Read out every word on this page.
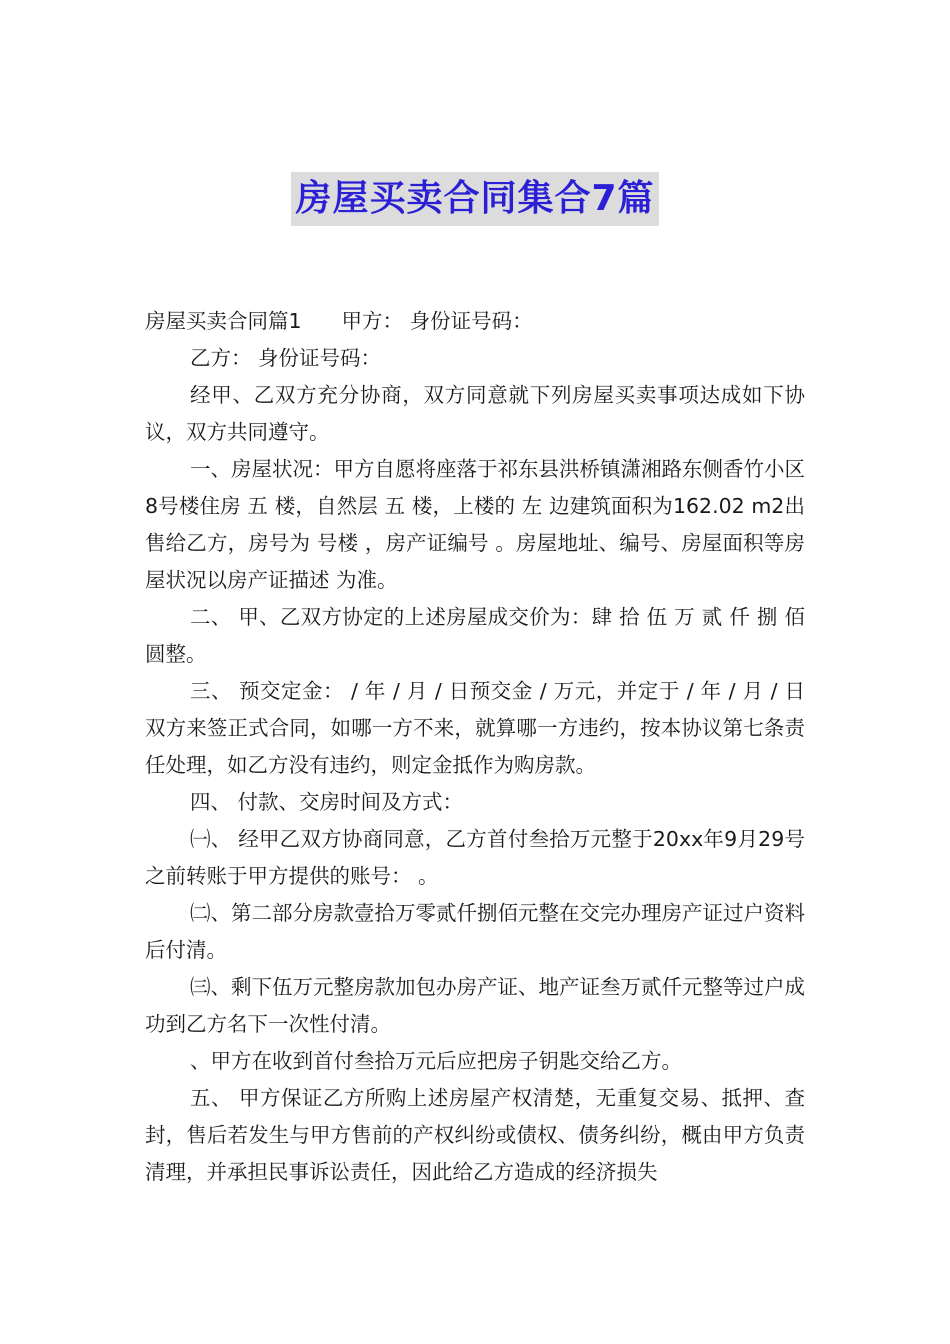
房屋买卖合同集合7篇

房屋买卖合同篇1 甲方： 身份证号码：

乙方： 身份证号码：

经甲、乙双方充分协商，双方同意就下列房屋买卖事项达成如下协议，双方共同遵守。

一、房屋状况：甲方自愿将座落于祁东县洪桥镇潇湘路东侧香竹小区8号楼住房 五 楼，自然层 五 楼，上楼的 左 边建筑面积为162.02 m2出售给乙方，房号为 号楼 ，房产证编号 。房屋地址、编号、房屋面积等房屋状况以房产证描述 为准。

二、 甲、乙双方协定的上述房屋成交价为：肆 拾 伍 万 贰 仟 捌 佰圆整。

三、 预交定金： / 年 / 月 / 日预交金 / 万元，并定于 / 年 / 月 / 日双方来签正式合同，如哪一方不来，就算哪一方违约，按本协议第七条责任处理，如乙方没有违约，则定金抵作为购房款。

四、 付款、交房时间及方式：

㈠、 经甲乙双方协商同意，乙方首付叁拾万元整于20xx年9月29号之前转账于甲方提供的账号： 。

㈡、第二部分房款壹拾万零贰仟捌佰元整在交完办理房产证过户资料后付清。

㈢、剩下伍万元整房款加包办房产证、地产证叁万贰仟元整等过户成功到乙方名下一次性付清。

、甲方在收到首付叁拾万元后应把房子钥匙交给乙方。

五、 甲方保证乙方所购上述房屋产权清楚，无重复交易、抵押、查封，售后若发生与甲方售前的产权纠纷或债权、债务纠纷，概由甲方负责清理，并承担民事诉讼责任，因此给乙方造成的经济损失
